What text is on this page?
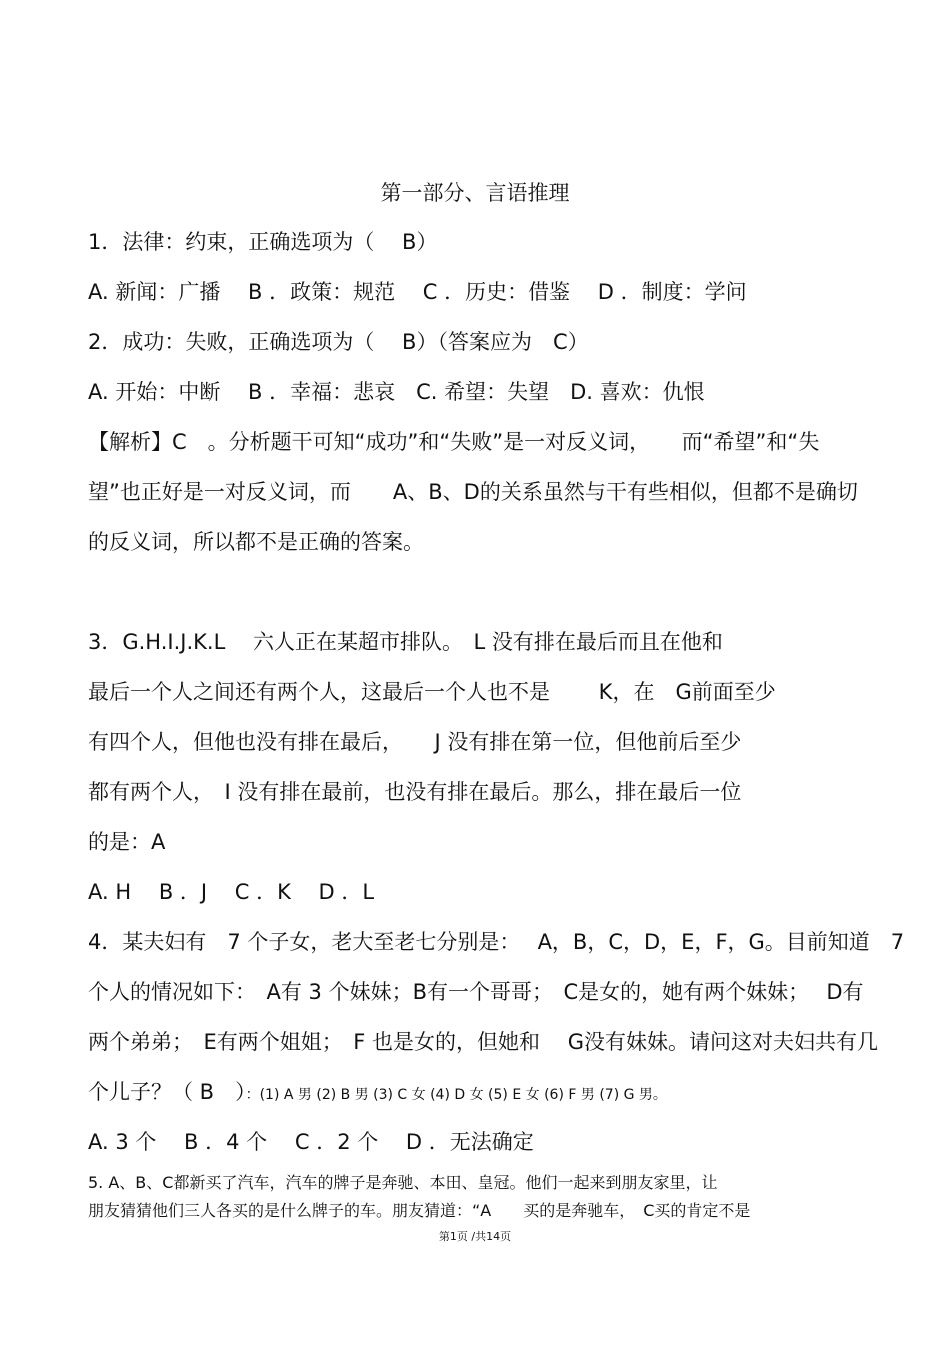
第一部分、言语推理
1．法律：约束，正确选项为（　 B）
A. 新闻：广播　 B ．政策：规范　 C ．历史：借鉴　 D ．制度：学问
2．成功：失败，正确选项为（　 B）（答案应为　C）
A. 开始：中断　 B ．幸福：悲哀　C. 希望：失望　D. 喜欢：仇恨
【解析】C　。分析题干可知“成功”和“失败”是一对反义词，　　而“希望”和“失
望”也正好是一对反义词，而　　A、B、D的关系虽然与干有些相似，但都不是确切
的反义词，所以都不是正确的答案。
3．G.H.I.J.K.L　 六人正在某超市排队。　L 没有排在最后而且在他和
最后一个人之间还有两个人，这最后一个人也不是　　 K，在　G前面至少
有四个人，但他也没有排在最后，　　J 没有排在第一位，但他前后至少
都有两个人，　I 没有排在最前，也没有排在最后。那么，排在最后一位
的是：A
A. H　 B ．J　 C ．K　 D ．L
4．某夫妇有　7 个子女，老大至老七分别是：　 A，B，C，D，E，F，G。目前知道　7
个人的情况如下：　A有 3 个妹妹；B有一个哥哥；　C是女的，她有两个妹妹；　 D有
两个弟弟；　E有两个姐姐；　F 也是女的，但她和　 G没有妹妹。请问这对夫妇共有几
个儿子？（ B　）：(1) A 男 (2) B 男 (3) C 女 (4) D 女 (5) E 女 (6) F 男 (7) G 男。
A. 3 个　 B ．4 个　 C ．2 个　 D ．无法确定
5. A、B、C都新买了汽车，汽车的牌子是奔驰、本田、皇冠。他们一起来到朋友家里，让
朋友猜猜他们三人各买的是什么牌子的车。朋友猜道：“A　　买的是奔驰车，　C买的肯定不是
第1页 /共14页
